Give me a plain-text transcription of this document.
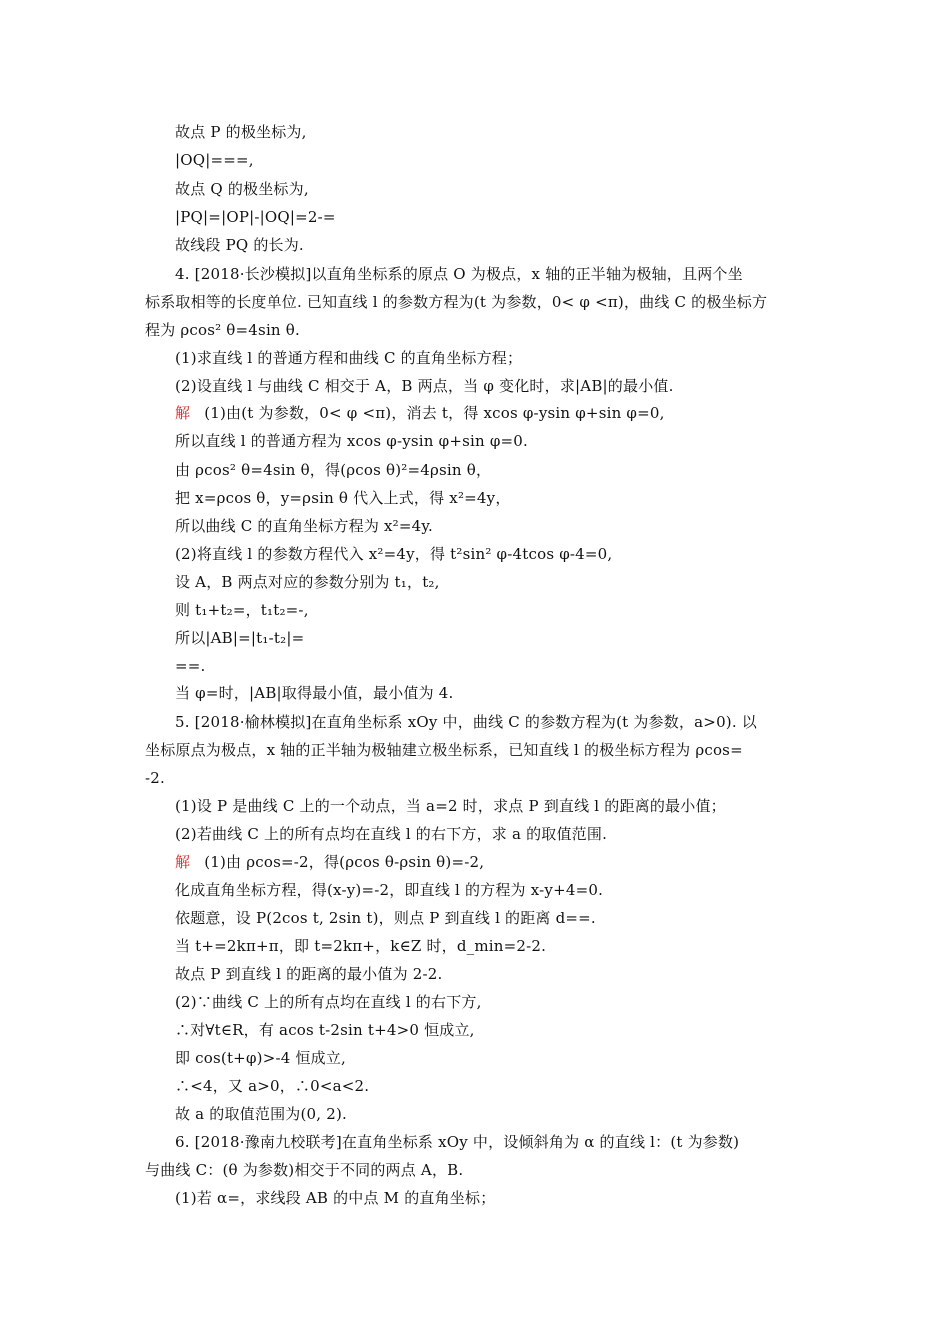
故点 P 的极坐标为,
|OQ|===,
故点 Q 的极坐标为,
|PQ|=|OP|-|OQ|=2-=
故线段 PQ 的长为.
4. [2018·长沙模拟]以直角坐标系的原点 O 为极点，x 轴的正半轴为极轴，且两个坐
标系取相等的长度单位. 已知直线 l 的参数方程为(t 为参数，0< φ <π)，曲线 C 的极坐标方
程为 ρcos² θ=4sin θ.
(1)求直线 l 的普通方程和曲线 C 的直角坐标方程；
(2)设直线 l 与曲线 C 相交于 A，B 两点，当 φ 变化时，求|AB|的最小值.
解 (1)由(t 为参数，0< φ <π)，消去 t，得 xcos φ-ysin φ+sin φ=0,
所以直线 l 的普通方程为 xcos φ-ysin φ+sin φ=0.
由 ρcos² θ=4sin θ，得(ρcos θ)²=4ρsin θ，
把 x=ρcos θ，y=ρsin θ 代入上式，得 x²=4y，
所以曲线 C 的直角坐标方程为 x²=4y.
(2)将直线 l 的参数方程代入 x²=4y，得 t²sin² φ-4tcos φ-4=0,
设 A，B 两点对应的参数分别为 t₁，t₂,
则 t₁+t₂=，t₁t₂=-,
所以|AB|=|t₁-t₂|=
==.
当 φ=时，|AB|取得最小值，最小值为 4.
5. [2018·榆林模拟]在直角坐标系 xOy 中，曲线 C 的参数方程为(t 为参数，a>0). 以
坐标原点为极点，x 轴的正半轴为极轴建立极坐标系，已知直线 l 的极坐标方程为 ρcos=
-2.
(1)设 P 是曲线 C 上的一个动点，当 a=2 时，求点 P 到直线 l 的距离的最小值；
(2)若曲线 C 上的所有点均在直线 l 的右下方，求 a 的取值范围.
解 (1)由 ρcos=-2，得(ρcos θ-ρsin θ)=-2,
化成直角坐标方程，得(x-y)=-2，即直线 l 的方程为 x-y+4=0.
依题意，设 P(2cos t, 2sin t)，则点 P 到直线 l 的距离 d==.
当 t+=2kπ+π，即 t=2kπ+，k∈Z 时，d_min=2-2.
故点 P 到直线 l 的距离的最小值为 2-2.
(2)∵曲线 C 上的所有点均在直线 l 的右下方,
∴对∀t∈R，有 acos t-2sin t+4>0 恒成立,
即 cos(t+φ)>-4 恒成立,
∴<4，又 a>0，∴0<a<2.
故 a 的取值范围为(0, 2).
6. [2018·豫南九校联考]在直角坐标系 xOy 中，设倾斜角为 α 的直线 l：(t 为参数)
与曲线 C：(θ 为参数)相交于不同的两点 A，B.
(1)若 α=，求线段 AB 的中点 M 的直角坐标；
